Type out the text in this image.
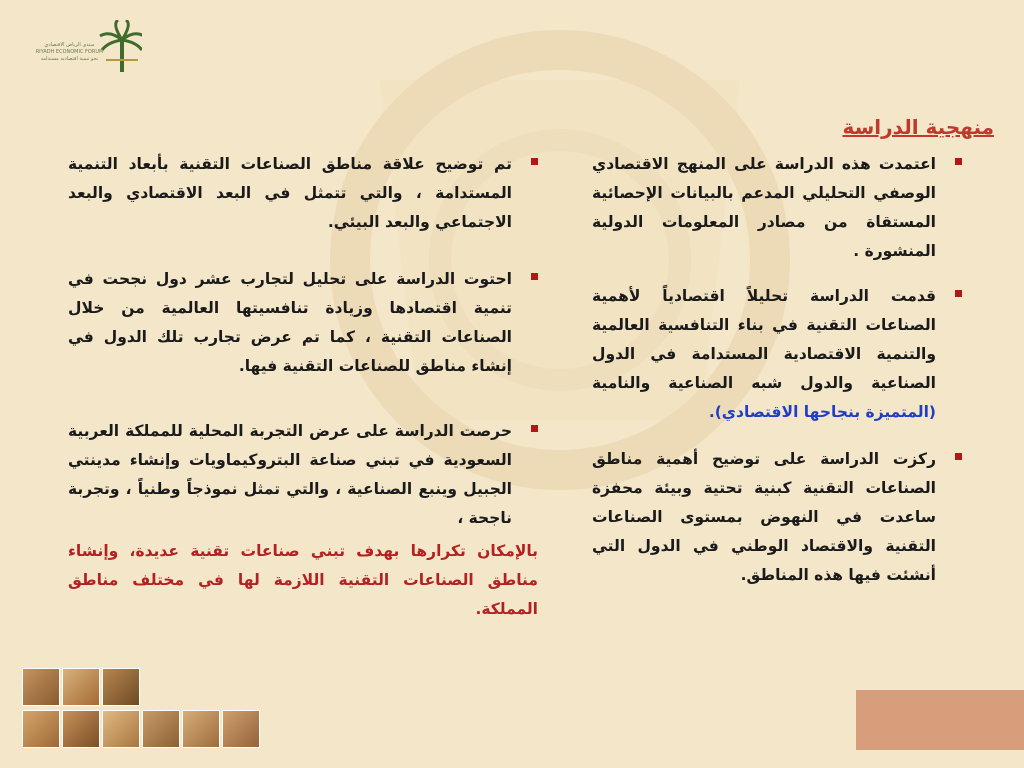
منتدى الرياض الاقتصادي
RIYADH ECONOMIC FORUM
نحو تنمية اقتصادية مستدامة
منهجية الدراسة
اعتمدت هذه الدراسة على المنهج الاقتصادي الوصفي التحليلي المدعم بالبيانات الإحصائية المستقاة من مصادر المعلومات الدولية المنشورة .
قدمت الدراسة تحليلاً اقتصادياً لأهمية الصناعات التقنية في بناء التنافسية العالمية والتنمية الاقتصادية المستدامة في الدول الصناعية والدول شبه الصناعية والنامية (المتميزة بنجاحها الاقتصادي).
ركزت الدراسة على توضيح أهمية مناطق الصناعات التقنية كبنية تحتية وبيئة محفزة ساعدت في النهوض بمستوى الصناعات التقنية والاقتصاد الوطني في الدول التي أنشئت فيها هذه المناطق.
تم توضيح علاقة مناطق الصناعات التقنية بأبعاد التنمية المستدامة ، والتي تتمثل في البعد الاقتصادي والبعد الاجتماعي والبعد البيئي.
احتوت الدراسة على تحليل لتجارب عشر دول نجحت في تنمية اقتصادها وزيادة تنافسيتها العالمية من خلال الصناعات التقنية ، كما تم عرض تجارب تلك الدول في إنشاء مناطق للصناعات التقنية فيها.
حرصت الدراسة على عرض التجربة المحلية للمملكة العربية السعودية في تبني صناعة البتروكيماويات وإنشاء مدينتي الجبيل وينبع الصناعية ، والتي تمثل نموذجاً وطنياً ، وتجربة ناجحة ،
بالإمكان تكرارها بهدف تبني صناعات تقنية عديدة، وإنشاء مناطق الصناعات التقنية اللازمة لها في مختلف مناطق المملكة.
